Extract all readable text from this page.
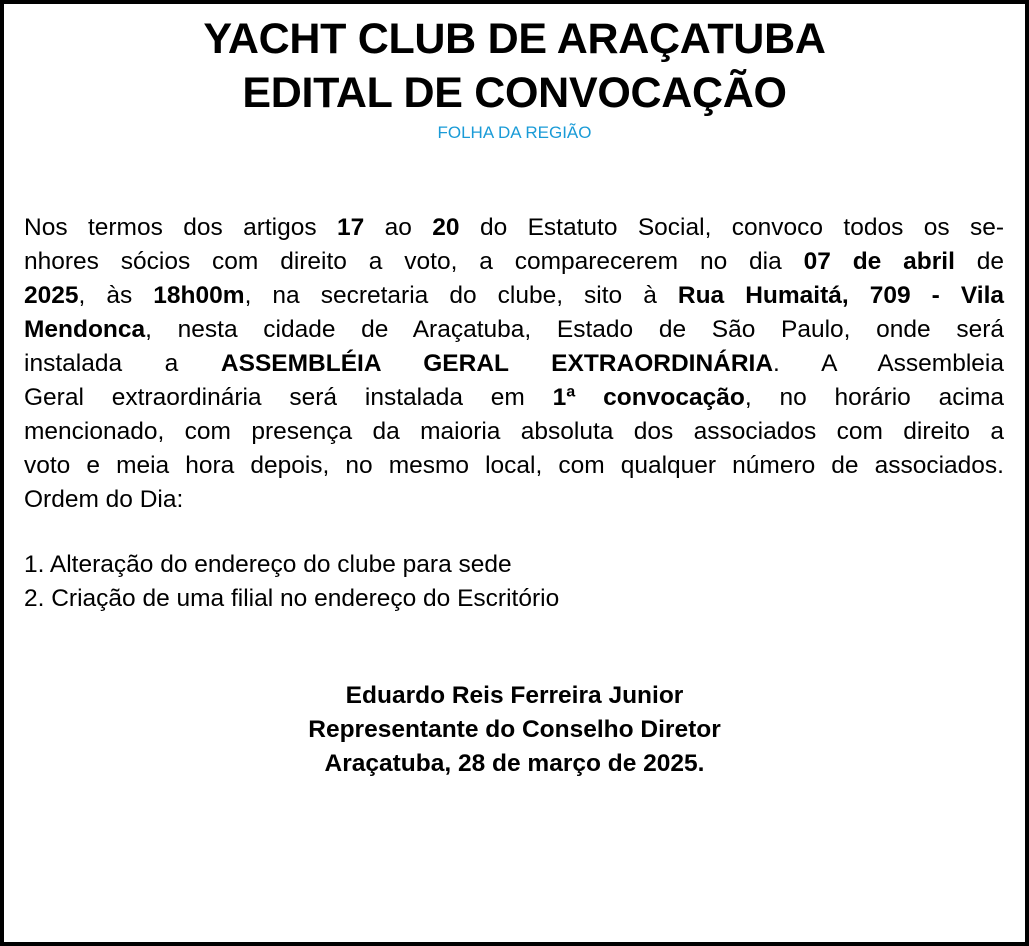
YACHT CLUB DE ARAÇATUBA
EDITAL DE CONVOCAÇÃO
FOLHA DA REGIÃO
Nos termos dos artigos 17 ao 20 do Estatuto Social, convoco todos os se-
nhores sócios com direito a voto, a comparecerem no dia 07 de abril de
2025, às 18h00m, na secretaria do clube, sito à Rua Humaitá, 709 - Vila
Mendonca, nesta cidade de Araçatuba, Estado de São Paulo, onde será
instalada a ASSEMBLÉIA GERAL EXTRAORDINÁRIA. A Assembleia
Geral extraordinária será instalada em 1ª convocação, no horário acima
mencionado, com presença da maioria absoluta dos associados com direito a
voto e meia hora depois, no mesmo local, com qualquer número de associados.
Ordem do Dia:
1. Alteração do endereço do clube para sede
2. Criação de uma filial no endereço do Escritório
Eduardo Reis Ferreira Junior
Representante do Conselho Diretor
Araçatuba, 28 de março de 2025.
